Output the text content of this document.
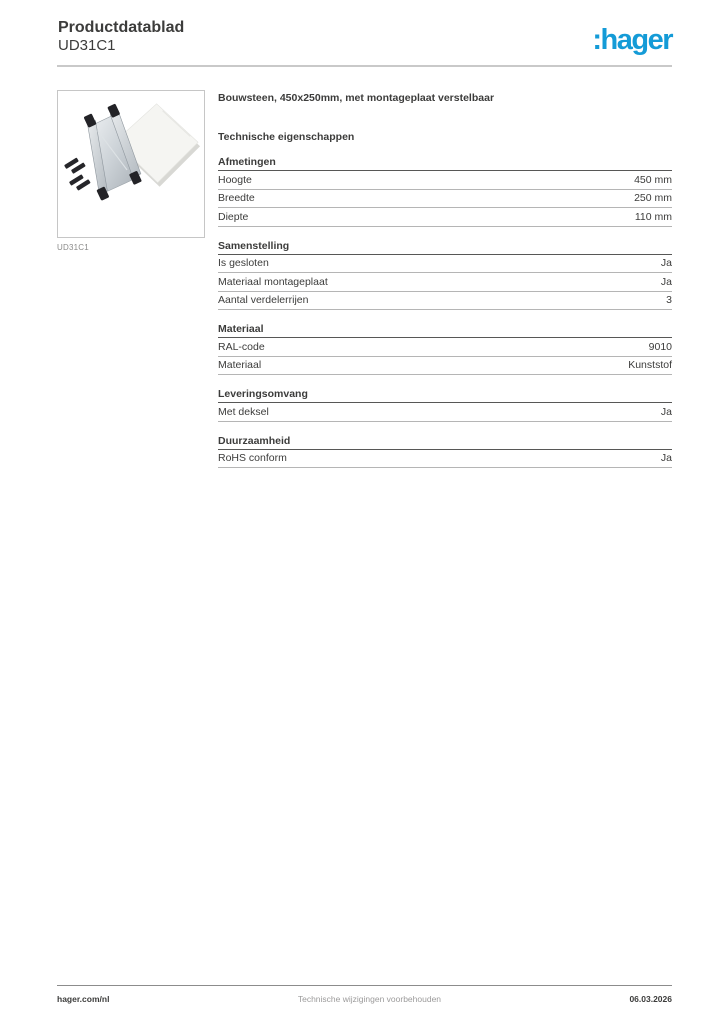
Productdatablad
UD31C1	:hager
UD31C1
Bouwsteen, 450x250mm, met montageplaat verstelbaar
Technische eigenschappen
Afmetingen
Hoogte	450 mm
Breedte	250 mm
Diepte	110 mm
Samenstelling
Is gesloten	Ja
Materiaal montageplaat	Ja
Aantal verdelerrijen	3
Materiaal
RAL-code	9010
Materiaal	Kunststof
Leveringsomvang
Met deksel	Ja
Duurzaamheid
RoHS conform	Ja
hager.com/nl	Technische wijzigingen voorbehouden	06.03.2026
